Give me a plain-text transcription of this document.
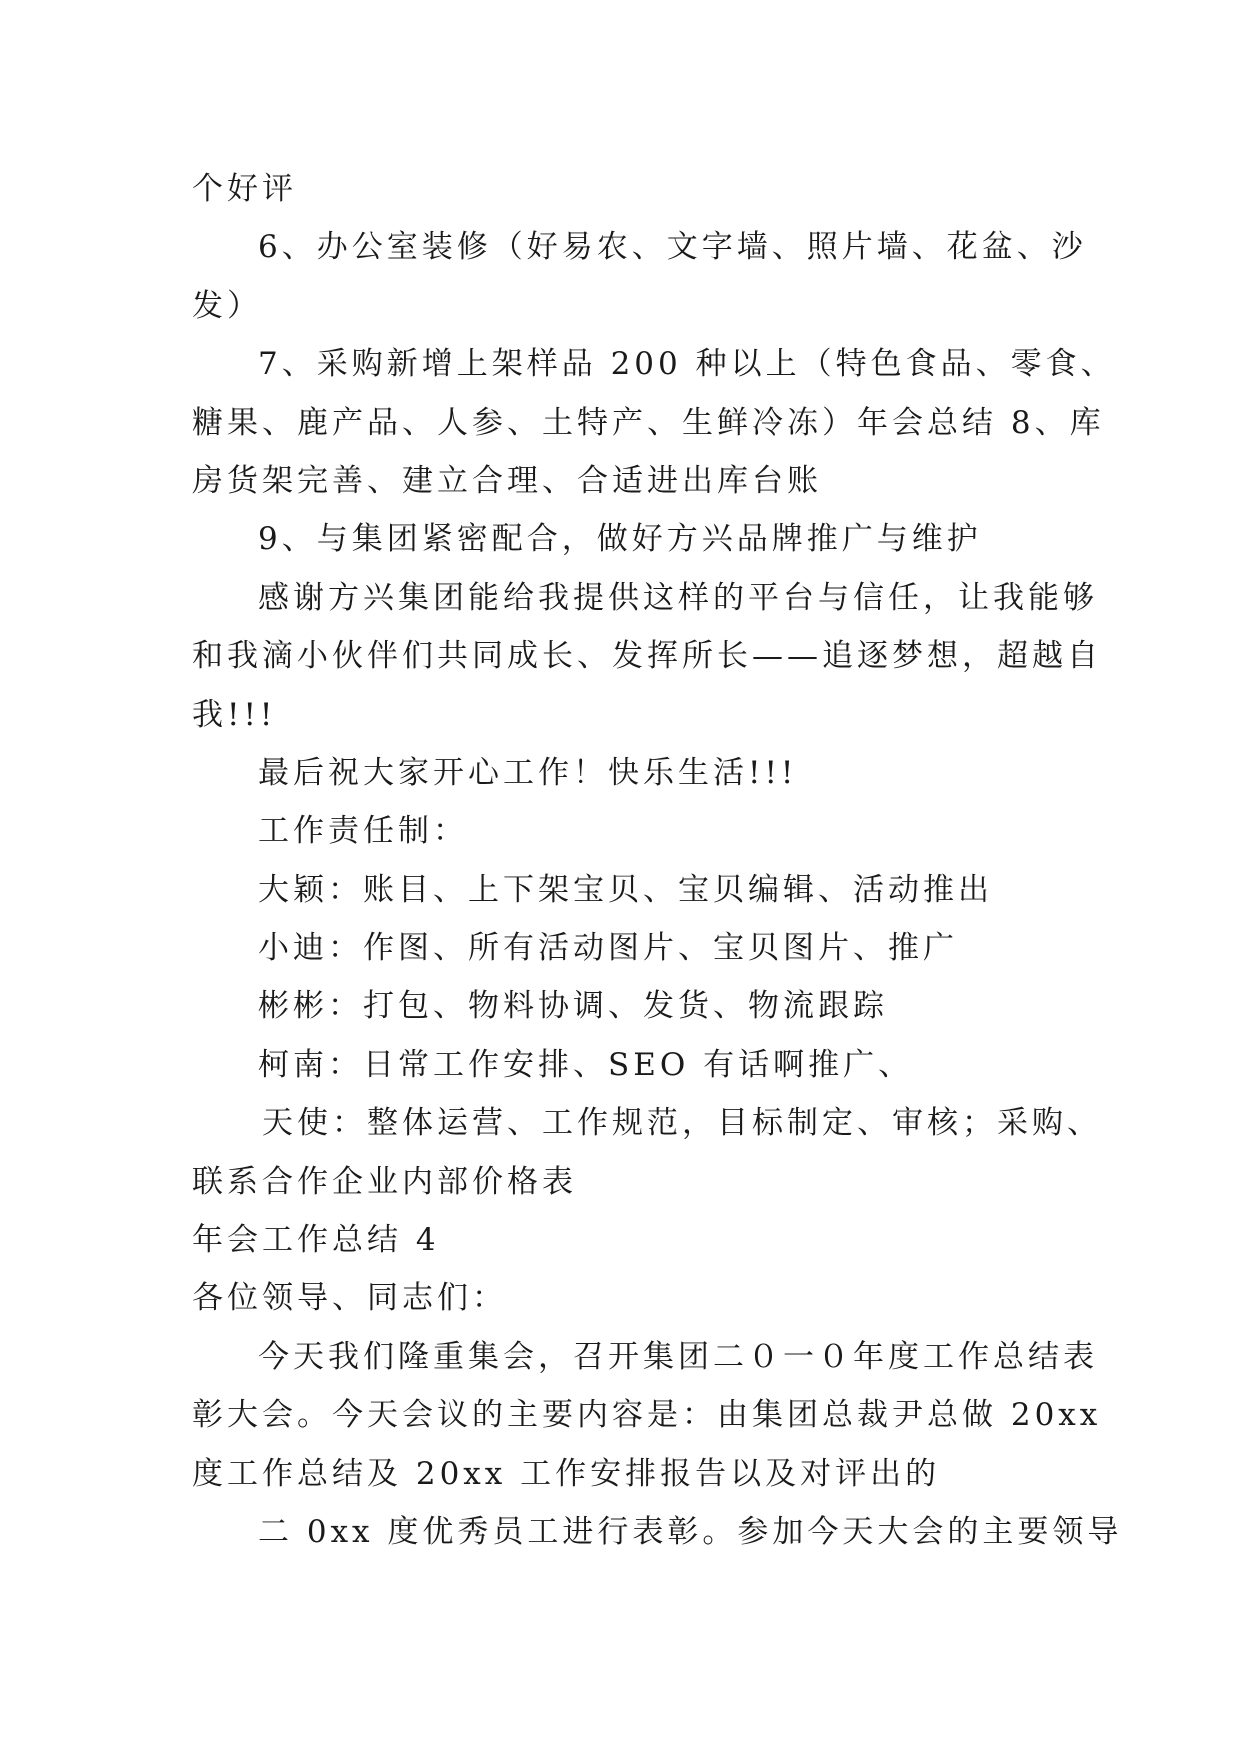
个好评
6、办公室装修（好易农、文字墙、照片墙、花盆、沙
发）
7、采购新增上架样品 200 种以上（特色食品、零食、
糖果、鹿产品、人参、土特产、生鲜冷冻）年会总结 8、库
房货架完善、建立合理、合适进出库台账
9、与集团紧密配合，做好方兴品牌推广与维护
感谢方兴集团能给我提供这样的平台与信任，让我能够
和我滴小伙伴们共同成长、发挥所长——追逐梦想，超越自
我!!!
最后祝大家开心工作！快乐生活!!!
工作责任制：
大颖：账目、上下架宝贝、宝贝编辑、活动推出
小迪：作图、所有活动图片、宝贝图片、推广
彬彬：打包、物料协调、发货、物流跟踪
柯南：日常工作安排、SEO 有话啊推广、
天使：整体运营、工作规范，目标制定、审核；采购、
联系合作企业内部价格表
年会工作总结 4
各位领导、同志们：
今天我们隆重集会，召开集团二０一０年度工作总结表
彰大会。今天会议的主要内容是：由集团总裁尹总做 20xx
度工作总结及 20xx 工作安排报告以及对评出的
二 0xx 度优秀员工进行表彰。参加今天大会的主要领导
